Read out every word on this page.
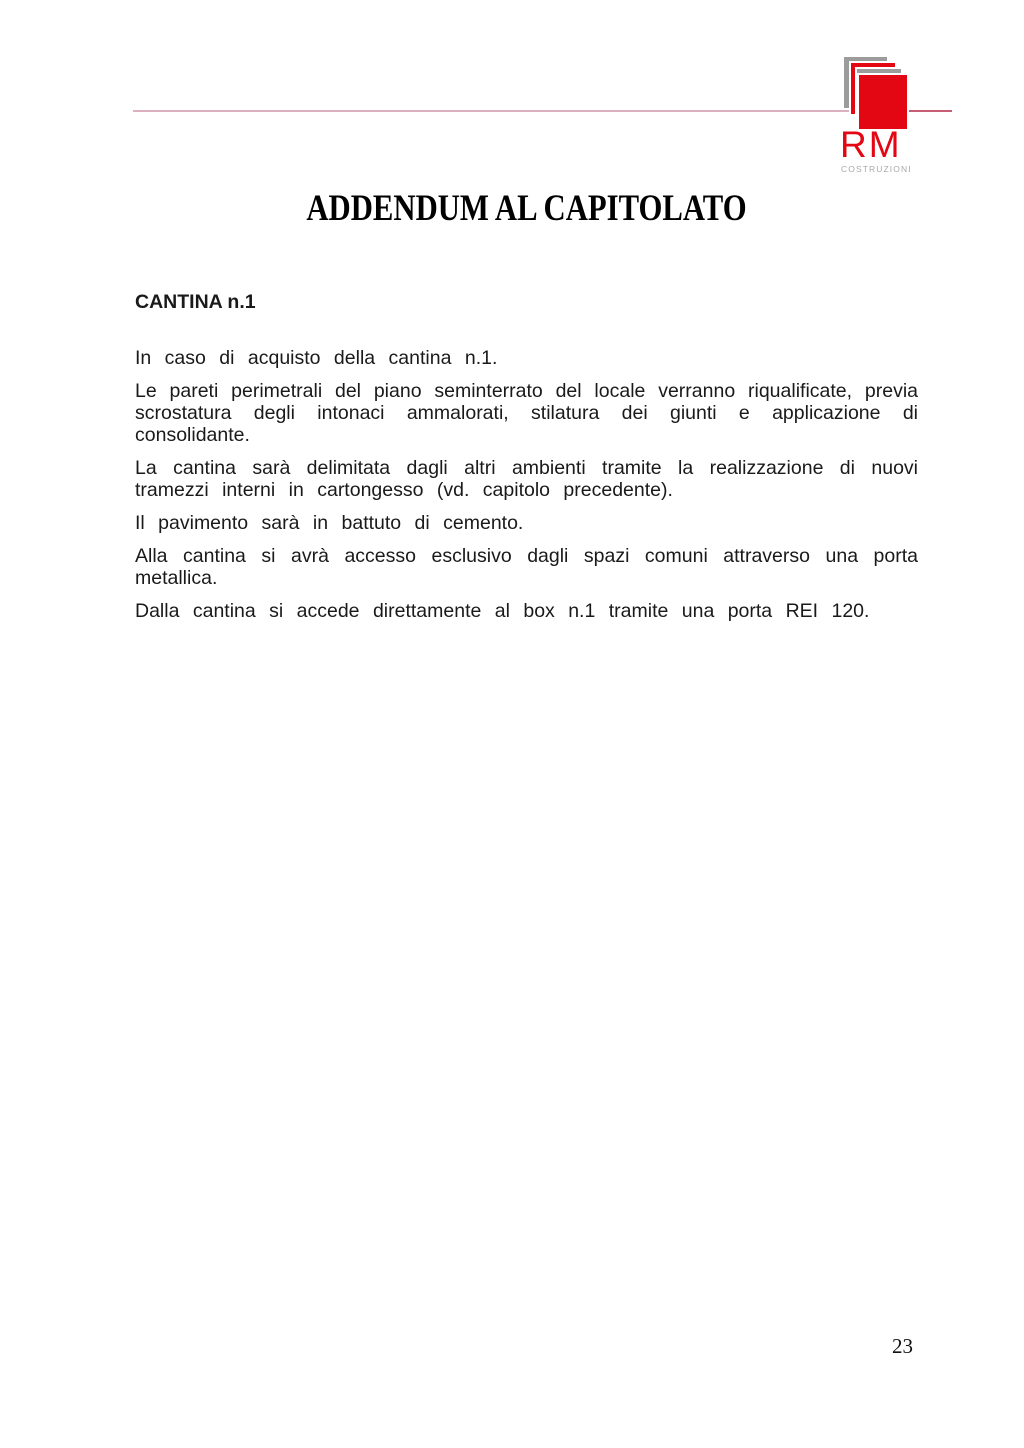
RM
COSTRUZIONI
ADDENDUM AL CAPITOLATO
CANTINA n.1

In caso di acquisto della cantina n.1.

Le pareti perimetrali del piano seminterrato del locale verranno riqualificate, previa
scrostatura degli intonaci ammalorati, stilatura dei giunti e applicazione di
consolidante.

La cantina sarà delimitata dagli altri ambienti tramite la realizzazione di nuovi
tramezzi interni in cartongesso (vd. capitolo precedente).

Il pavimento sarà in battuto di cemento.

Alla cantina si avrà accesso esclusivo dagli spazi comuni attraverso una porta
metallica.

Dalla cantina si accede direttamente al box n.1 tramite una porta REI 120.

23
